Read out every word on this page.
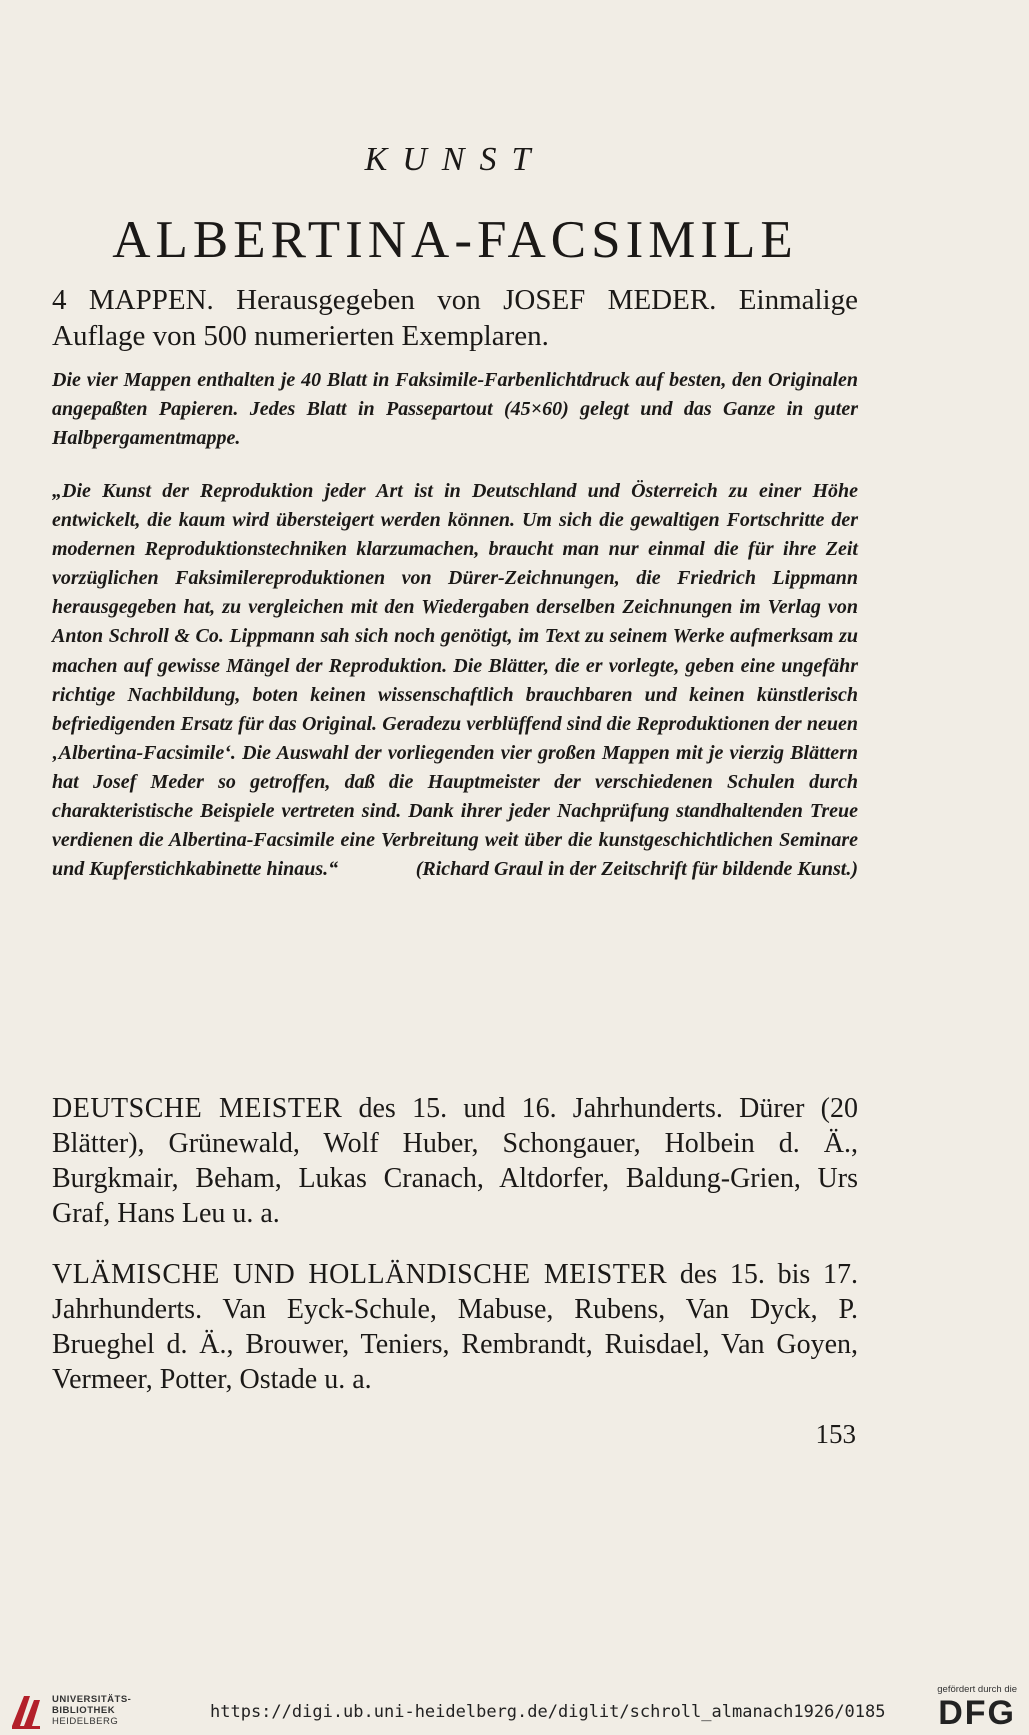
KUNST
ALBERTINA-FACSIMILE
4 MAPPEN. Herausgegeben von JOSEF MEDER. Einmalige Auflage von 500 numerierten Exemplaren.
Die vier Mappen enthalten je 40 Blatt in Faksimile-Farbenlichtdruck auf besten, den Originalen angepaßten Papieren. Jedes Blatt in Passepartout (45×60) gelegt und das Ganze in guter Halbpergamentmappe.
„Die Kunst der Reproduktion jeder Art ist in Deutschland und Österreich zu einer Höhe entwickelt, die kaum wird übersteigert werden können. Um sich die gewaltigen Fortschritte der modernen Reproduktionstechniken klarzumachen, braucht man nur einmal die für ihre Zeit vorzüglichen Faksimilereproduktionen von Dürer-Zeichnungen, die Friedrich Lippmann herausgegeben hat, zu vergleichen mit den Wiedergaben derselben Zeichnungen im Verlag von Anton Schroll & Co. Lippmann sah sich noch genötigt, im Text zu seinem Werke aufmerksam zu machen auf gewisse Mängel der Reproduktion. Die Blätter, die er vorlegte, geben eine ungefähr richtige Nachbildung, boten keinen wissenschaftlich brauchbaren und keinen künstlerisch befriedigenden Ersatz für das Original. Geradezu verblüffend sind die Reproduktionen der neuen ‚Albertina-Facsimile‘. Die Auswahl der vorliegenden vier großen Mappen mit je vierzig Blättern hat Josef Meder so getroffen, daß die Hauptmeister der verschiedenen Schulen durch charakteristische Beispiele vertreten sind. Dank ihrer jeder Nachprüfung standhaltenden Treue verdienen die Albertina-Facsimile eine Verbreitung weit über die kunstgeschichtlichen Seminare und Kupferstichkabinette hinaus.“	(Richard Graul in der Zeitschrift für bildende Kunst.)
DEUTSCHE MEISTER des 15. und 16. Jahrhunderts. Dürer (20 Blätter), Grünewald, Wolf Huber, Schongauer, Holbein d. Ä., Burgkmair, Beham, Lukas Cranach, Altdorfer, Baldung-Grien, Urs Graf, Hans Leu u. a.
VLÄMISCHE UND HOLLÄNDISCHE MEISTER des 15. bis 17. Jahrhunderts. Van Eyck-Schule, Mabuse, Rubens, Van Dyck, P. Brueghel d. Ä., Brouwer, Teniers, Rembrandt, Ruisdael, Van Goyen, Vermeer, Potter, Ostade u. a.
153
UNIVERSITÄTS-
BIBLIOTHEK
HEIDELBERG	https://digi.ub.uni-heidelberg.de/diglit/schroll_almanach1926/0185
gefördert durch die
DFG
